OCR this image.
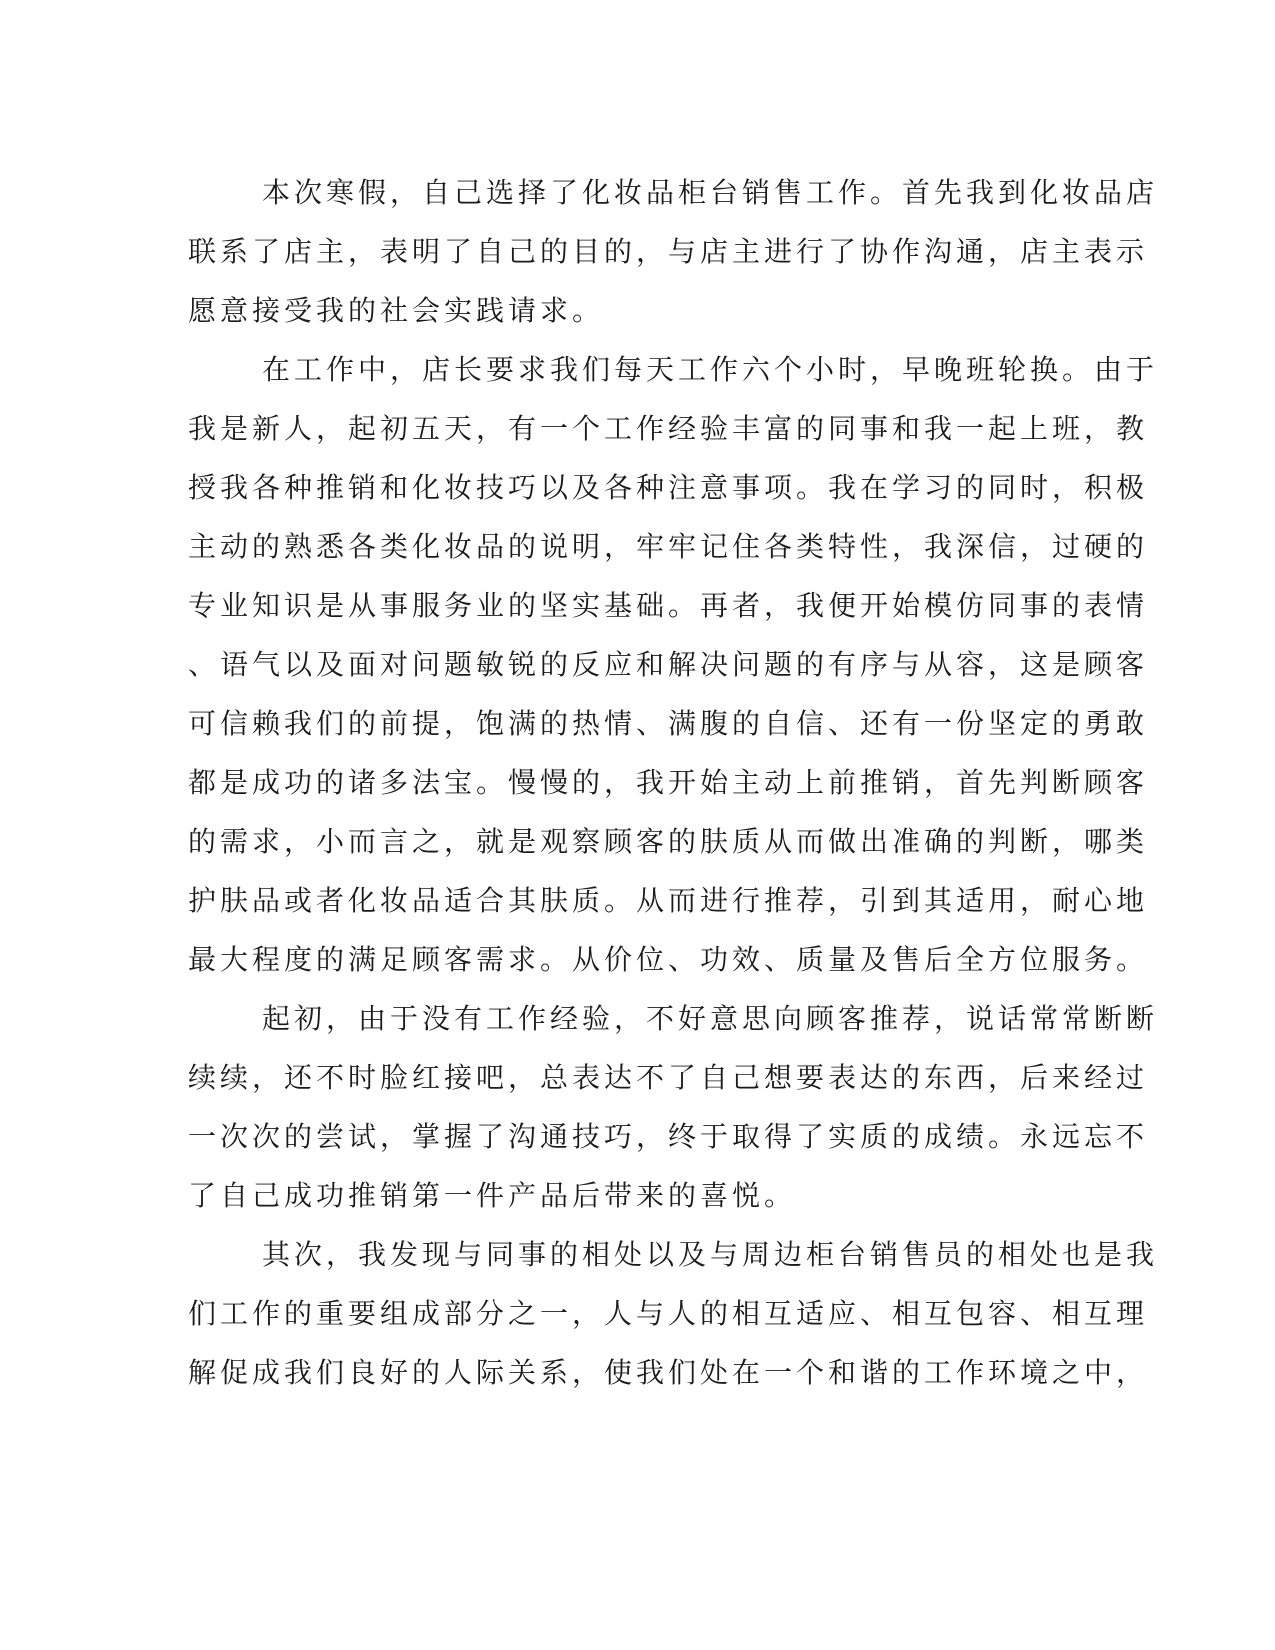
本次寒假，自己选择了化妆品柜台销售工作。首先我到化妆品店
联系了店主，表明了自己的目的，与店主进行了协作沟通，店主表示
愿意接受我的社会实践请求。
在工作中，店长要求我们每天工作六个小时，早晚班轮换。由于
我是新人，起初五天，有一个工作经验丰富的同事和我一起上班，教
授我各种推销和化妆技巧以及各种注意事项。我在学习的同时，积极
主动的熟悉各类化妆品的说明，牢牢记住各类特性，我深信，过硬的
专业知识是从事服务业的坚实基础。再者，我便开始模仿同事的表情
、语气以及面对问题敏锐的反应和解决问题的有序与从容，这是顾客
可信赖我们的前提，饱满的热情、满腹的自信、还有一份坚定的勇敢
都是成功的诸多法宝。慢慢的，我开始主动上前推销，首先判断顾客
的需求，小而言之，就是观察顾客的肤质从而做出准确的判断，哪类
护肤品或者化妆品适合其肤质。从而进行推荐，引到其适用，耐心地
最大程度的满足顾客需求。从价位、功效、质量及售后全方位服务。
起初，由于没有工作经验，不好意思向顾客推荐，说话常常断断
续续，还不时脸红接吧，总表达不了自己想要表达的东西，后来经过
一次次的尝试，掌握了沟通技巧，终于取得了实质的成绩。永远忘不
了自己成功推销第一件产品后带来的喜悦。
其次，我发现与同事的相处以及与周边柜台销售员的相处也是我
们工作的重要组成部分之一，人与人的相互适应、相互包容、相互理
解促成我们良好的人际关系，使我们处在一个和谐的工作环境之中，
